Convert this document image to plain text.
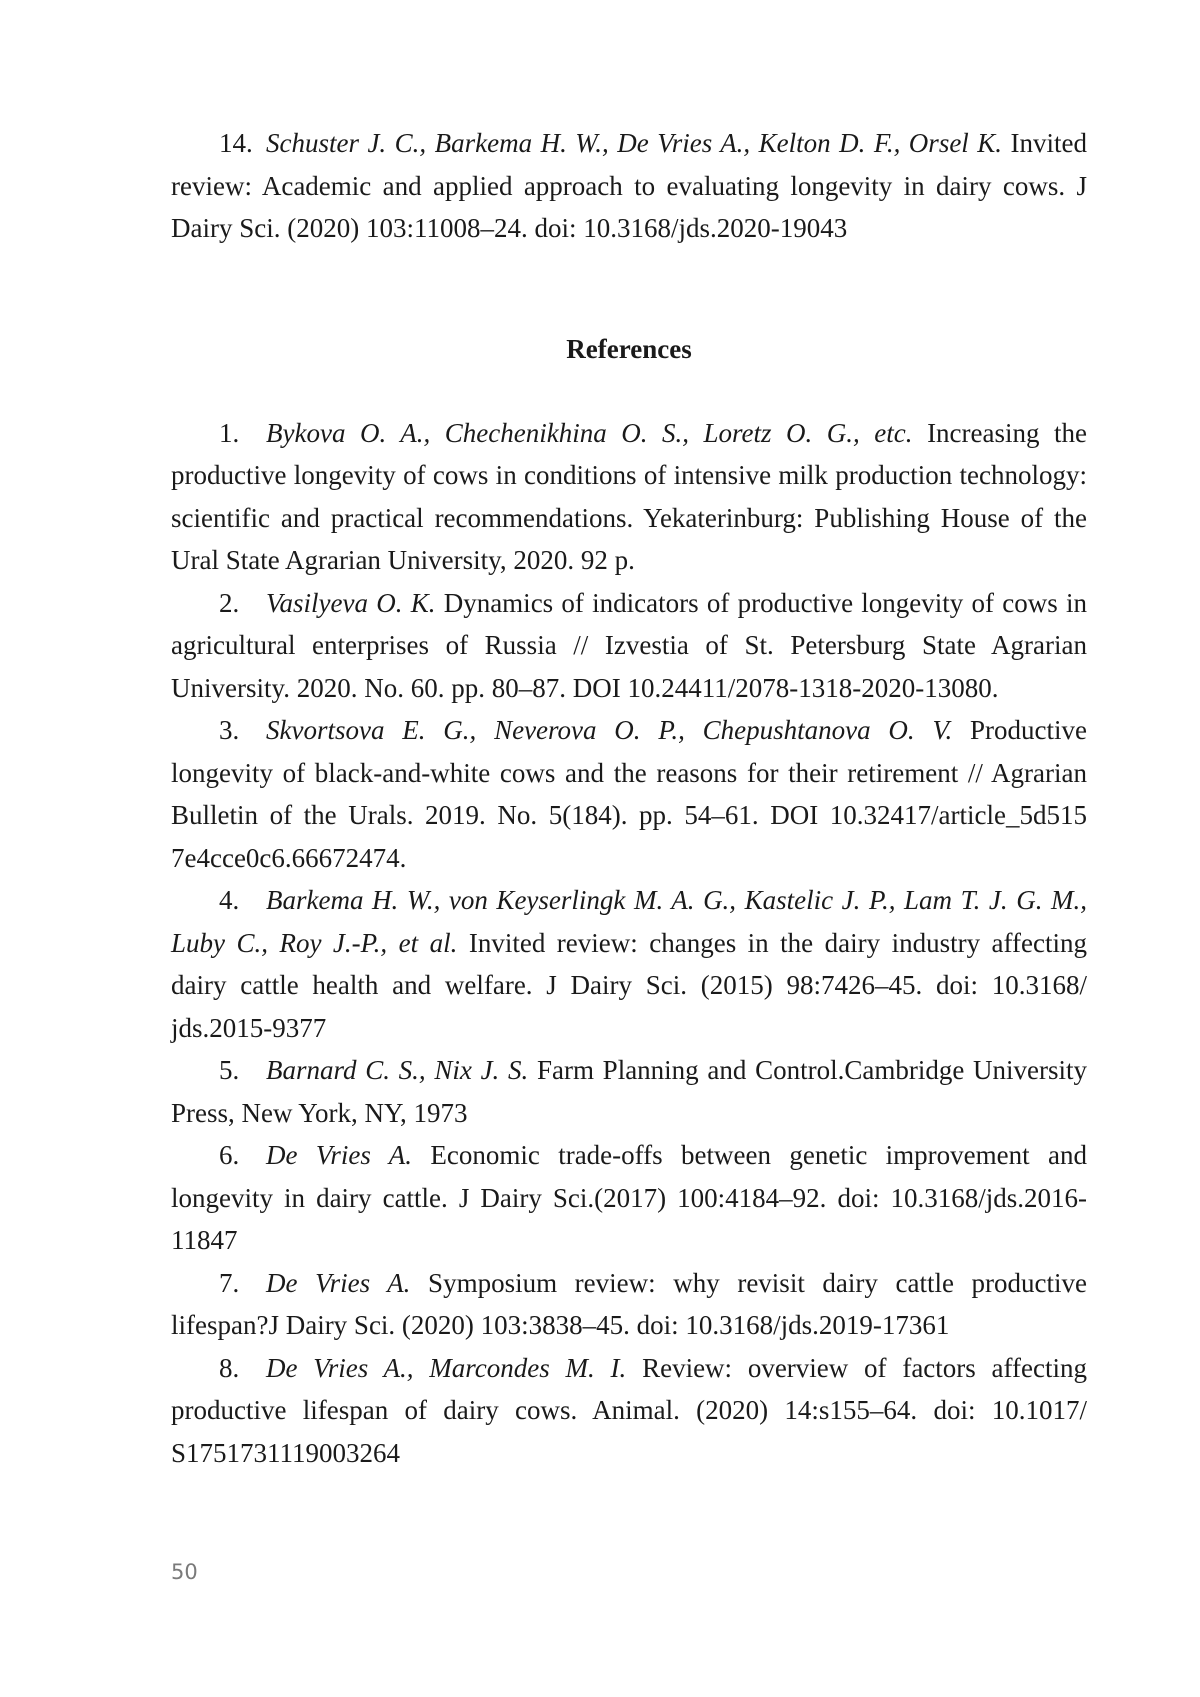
14. Schuster J. C., Barkema H. W., De Vries A., Kelton D. F., Orsel K. Invited review: Academic and applied approach to evaluating longevity in dairy cows. J Dairy Sci. (2020) 103:11008–24. doi: 10.3168/jds.2020-19043

References

1. Bykova O. A., Chechenikhina O. S., Loretz O. G., etc. Increasing the productive longevity of cows in conditions of intensive milk production technology: scientific and practical recommendations. Yekaterinburg: Publishing House of the Ural State Agrarian University, 2020. 92 p.

2. Vasilyeva O. K. Dynamics of indicators of productive longevity of cows in agricultural enterprises of Russia // Izvestia of St. Petersburg State Agrarian University. 2020. No. 60. pp. 80–87. DOI 10.24411/2078-1318-2020-13080.

3. Skvortsova E. G., Neverova O. P., Chepushtanova O. V. Productive longevity of black-and-white cows and the reasons for their retirement // Agrarian Bulletin of the Urals. 2019. No. 5(184). pp. 54–61. DOI 10.32417/article_5d515 7e4cce0c6.66672474.

4. Barkema H. W., von Keyserlingk M. A. G., Kastelic J. P., Lam T. J. G. M., Luby C., Roy J.-P., et al. Invited review: changes in the dairy industry affecting dairy cattle health and welfare. J Dairy Sci. (2015) 98:7426–45. doi: 10.3168/ jds.2015-9377

5. Barnard C. S., Nix J. S. Farm Planning and Control.Cambridge University Press, New York, NY, 1973

6. De Vries A. Economic trade-offs between genetic improvement and longevity in dairy cattle. J Dairy Sci.(2017) 100:4184–92. doi: 10.3168/jds.2016-11847

7. De Vries A. Symposium review: why revisit dairy cattle productive lifespan?J Dairy Sci. (2020) 103:3838–45. doi: 10.3168/jds.2019-17361

8. De Vries A., Marcondes M. I. Review: overview of factors affecting productive lifespan of dairy cows. Animal. (2020) 14:s155–64. doi: 10.1017/ S1751731119003264

50
